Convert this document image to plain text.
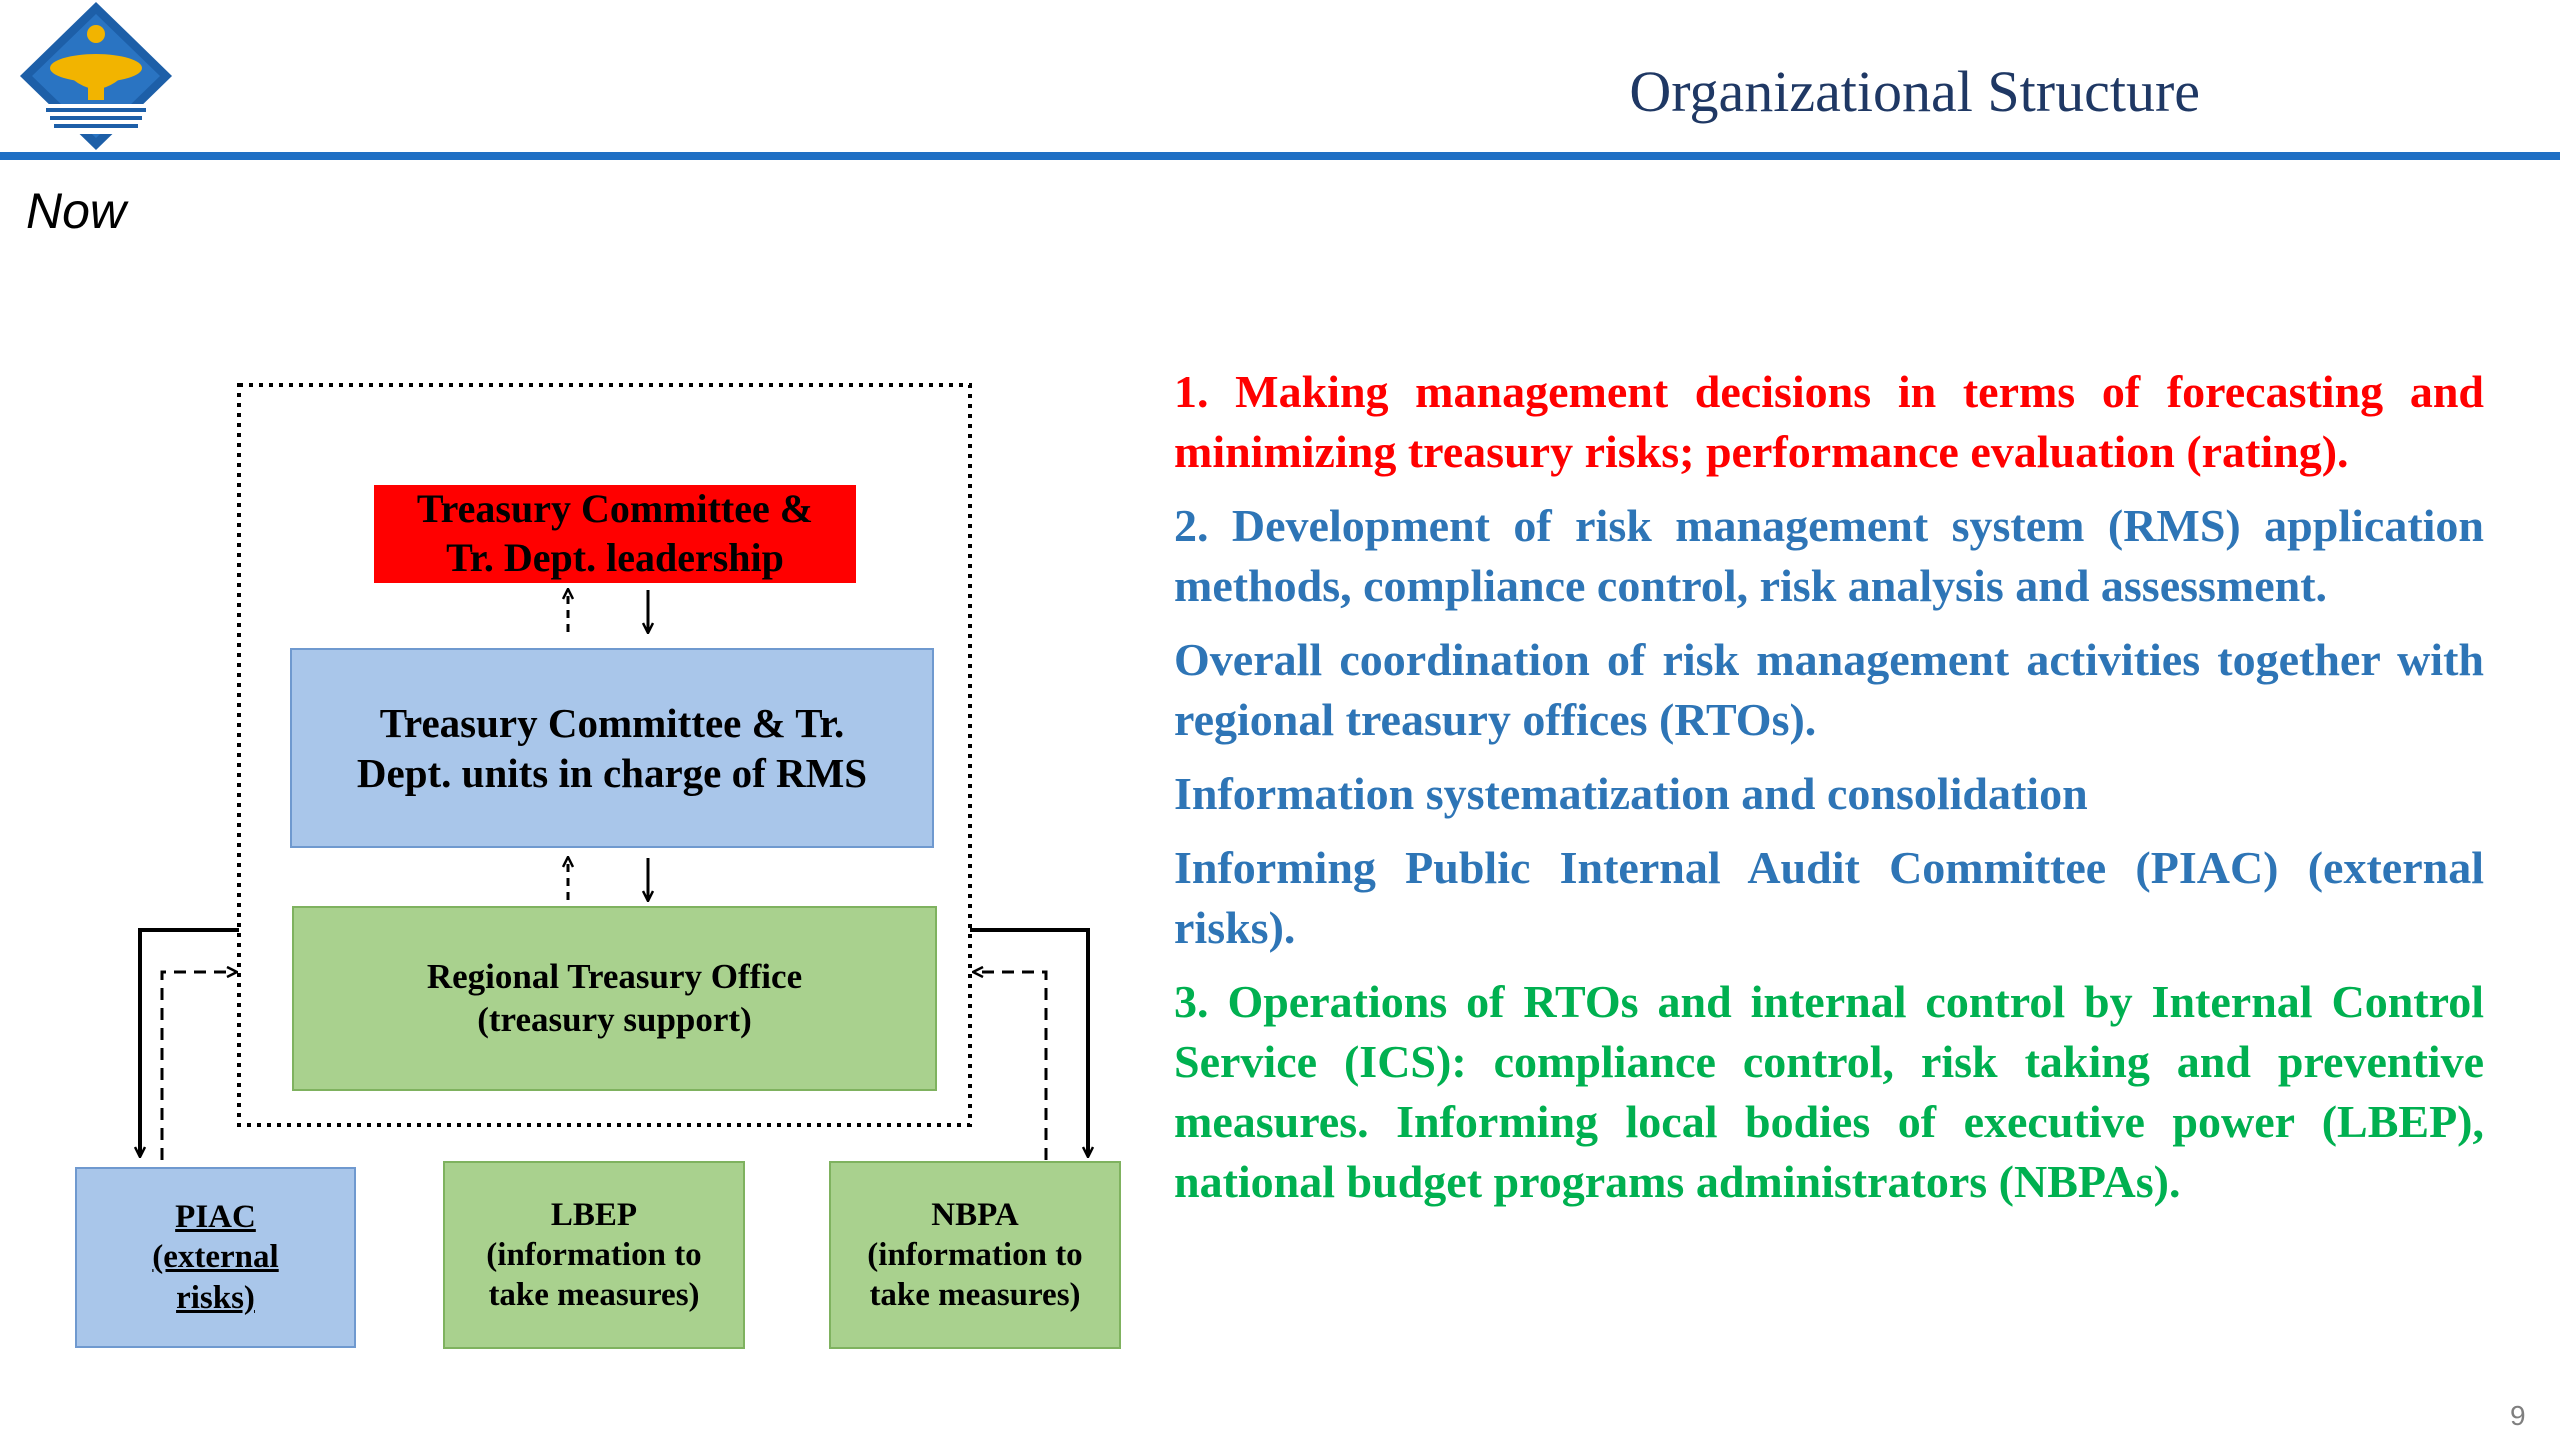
Organizational Structure
Now
Treasury Committee &
Tr. Dept. leadership
Treasury Committee & Tr.
Dept. units in charge of RMS
Regional Treasury Office
(treasury support)
PIAC
(external
risks)
LBEP
(information to
take measures)
NBPA
(information to
take measures)

1. Making management decisions in terms of forecasting and minimizing treasury risks; performance evaluation (rating).

2. Development of risk management system (RMS) application methods, compliance control, risk analysis and assessment.

Overall coordination of risk management activities together with regional treasury offices (RTOs).

Information systematization and consolidation

Informing Public Internal Audit Committee (PIAC) (external risks).

3. Operations of RTOs and internal control by Internal Control Service (ICS): compliance control, risk taking and preventive measures. Informing local bodies of executive power (LBEP), national budget programs administrators (NBPAs).

9
